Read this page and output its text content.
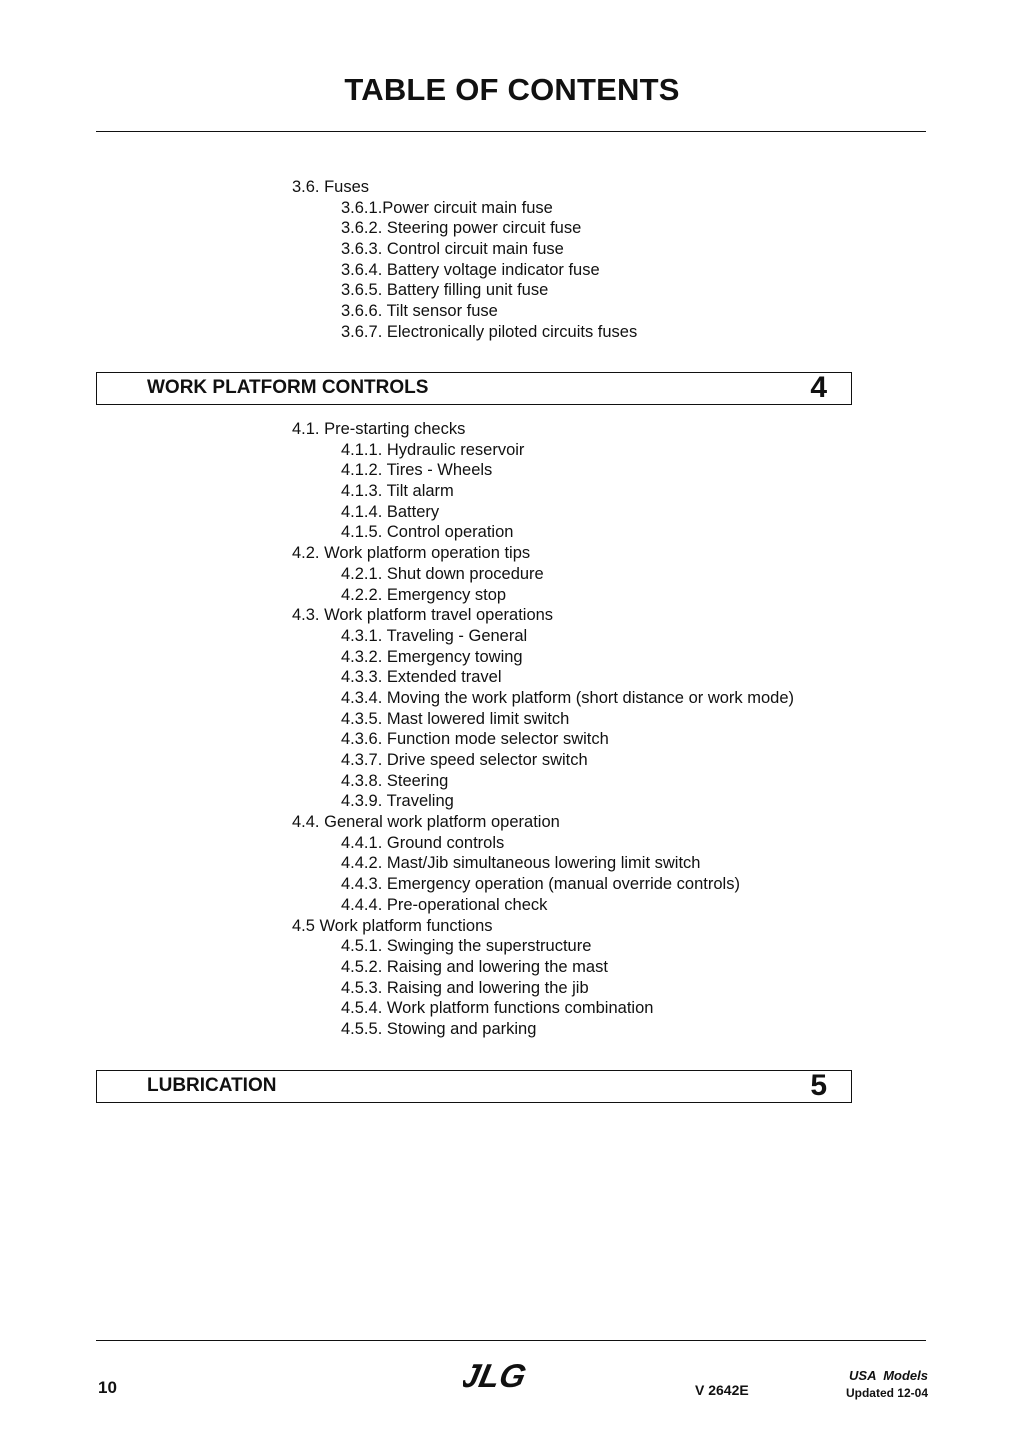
TABLE OF CONTENTS
3.6. Fuses
3.6.1.Power circuit main fuse
3.6.2. Steering power circuit fuse
3.6.3. Control circuit main fuse
3.6.4. Battery voltage indicator fuse
3.6.5. Battery filling unit fuse
3.6.6. Tilt sensor fuse
3.6.7. Electronically piloted circuits fuses
WORK PLATFORM CONTROLS	4
4.1. Pre-starting checks
4.1.1. Hydraulic reservoir
4.1.2. Tires - Wheels
4.1.3. Tilt alarm
4.1.4. Battery
4.1.5. Control operation
4.2. Work platform operation tips
4.2.1. Shut down procedure
4.2.2. Emergency stop
4.3. Work platform travel operations
4.3.1. Traveling - General
4.3.2. Emergency towing
4.3.3. Extended travel
4.3.4. Moving the work platform (short distance or work mode)
4.3.5. Mast lowered limit switch
4.3.6. Function mode selector switch
4.3.7. Drive speed selector switch
4.3.8. Steering
4.3.9. Traveling
4.4. General work platform operation
4.4.1. Ground controls
4.4.2. Mast/Jib simultaneous lowering limit switch
4.4.3. Emergency operation (manual override controls)
4.4.4. Pre-operational check
4.5 Work platform functions
4.5.1. Swinging the superstructure
4.5.2. Raising and lowering the mast
4.5.3. Raising and lowering the jib
4.5.4. Work platform functions combination
4.5.5. Stowing and parking
LUBRICATION	5
10	JLG	V 2642E
USA  Models
Updated 12-04
